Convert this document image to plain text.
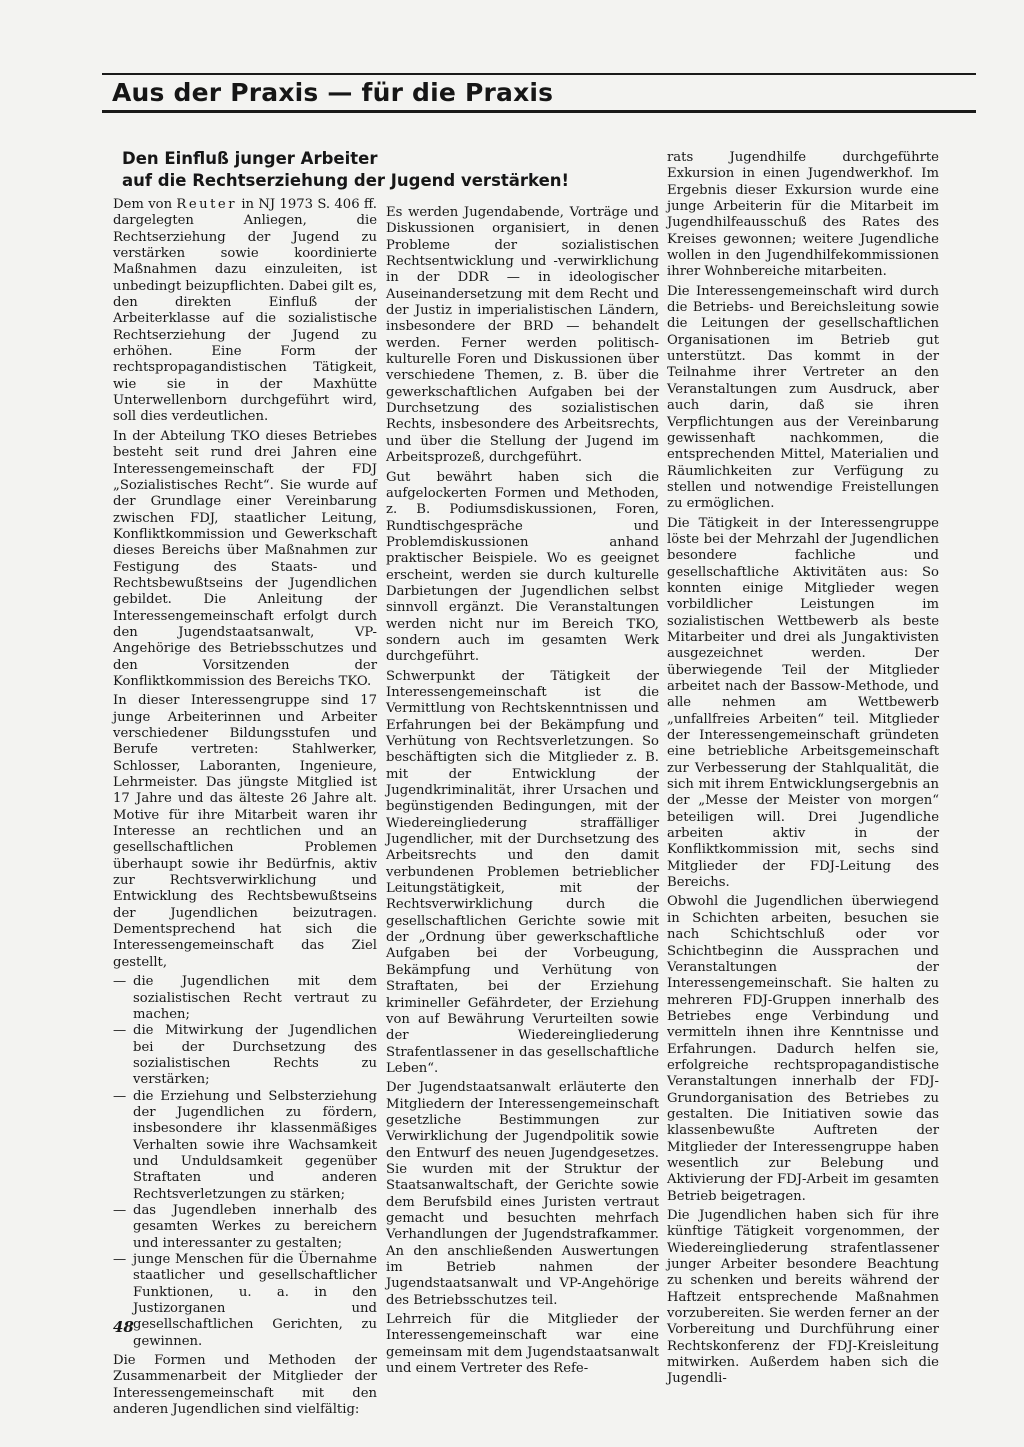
Aus der Praxis — für die Praxis
Den Einfluß junger Arbeiter
auf die Rechtserziehung der Jugend verstärken!

Dem von Reuter in NJ 1973 S. 406 ff. dargelegten Anliegen, die Rechtserziehung der Jugend zu verstärken sowie koordinierte Maßnahmen dazu einzuleiten, ist unbedingt beizupflichten. Dabei gilt es, den direkten Einfluß der Arbeiterklasse auf die sozialistische Rechtserziehung der Jugend zu erhöhen. Eine Form der rechtspropagandistischen Tätigkeit, wie sie in der Maxhütte Unterwellenborn durchgeführt wird, soll dies verdeutlichen.

In der Abteilung TKO dieses Betriebes besteht seit rund drei Jahren eine Interessengemeinschaft der FDJ „Sozialistisches Recht“. Sie wurde auf der Grundlage einer Vereinbarung zwischen FDJ, staatlicher Leitung, Konfliktkommission und Gewerkschaft dieses Bereichs über Maßnahmen zur Festigung des Staats- und Rechtsbewußtseins der Jugendlichen gebildet. Die Anleitung der Interessengemeinschaft erfolgt durch den Jugendstaatsanwalt, VP-Angehörige des Betriebsschutzes und den Vorsitzenden der Konfliktkommission des Bereichs TKO.

In dieser Interessengruppe sind 17 junge Arbeiterinnen und Arbeiter verschiedener Bildungsstufen und Berufe vertreten: Stahlwerker, Schlosser, Laboranten, Ingenieure, Lehrmeister. Das jüngste Mitglied ist 17 Jahre und das älteste 26 Jahre alt. Motive für ihre Mitarbeit waren ihr Interesse an rechtlichen und an gesellschaftlichen Problemen überhaupt sowie ihr Bedürfnis, aktiv zur Rechtsverwirklichung und Entwicklung des Rechtsbewußtseins der Jugendlichen beizutragen. Dementsprechend hat sich die Interessengemeinschaft das Ziel gestellt,

— die Jugendlichen mit dem sozialistischen Recht vertraut zu machen;
— die Mitwirkung der Jugendlichen bei der Durchsetzung des sozialistischen Rechts zu verstärken;
— die Erziehung und Selbsterziehung der Jugendlichen zu fördern, insbesondere ihr klassenmäßiges Verhalten sowie ihre Wachsamkeit und Unduldsamkeit gegenüber Straftaten und anderen Rechtsverletzungen zu stärken;
— das Jugendleben innerhalb des gesamten Werkes zu bereichern und interessanter zu gestalten;
— junge Menschen für die Übernahme staatlicher und gesellschaftlicher Funktionen, u. a. in den Justizorganen und gesellschaftlichen Gerichten, zu gewinnen.

Die Formen und Methoden der Zusammenarbeit der Mitglieder der Interessengemeinschaft mit den anderen Jugendlichen sind vielfältig:

Es werden Jugendabende, Vorträge und Diskussionen organisiert, in denen Probleme der sozialistischen Rechtsentwicklung und -verwirklichung in der DDR — in ideologischer Auseinandersetzung mit dem Recht und der Justiz in imperialistischen Ländern, insbesondere der BRD — behandelt werden. Ferner werden politisch-kulturelle Foren und Diskussionen über verschiedene Themen, z. B. über die gewerkschaftlichen Aufgaben bei der Durchsetzung des sozialistischen Rechts, insbesondere des Arbeitsrechts, und über die Stellung der Jugend im Arbeitsprozeß, durchgeführt.

Gut bewährt haben sich die aufgelockerten Formen und Methoden, z. B. Podiumsdiskussionen, Foren, Rundtischgespräche und Problemdiskussionen anhand praktischer Beispiele. Wo es geeignet erscheint, werden sie durch kulturelle Darbietungen der Jugendlichen selbst sinnvoll ergänzt. Die Veranstaltungen werden nicht nur im Bereich TKO, sondern auch im gesamten Werk durchgeführt.

Schwerpunkt der Tätigkeit der Interessengemeinschaft ist die Vermittlung von Rechtskenntnissen und Erfahrungen bei der Bekämpfung und Verhütung von Rechtsverletzungen. So beschäftigten sich die Mitglieder z. B. mit der Entwicklung der Jugendkriminalität, ihrer Ursachen und begünstigenden Bedingungen, mit der Wiedereingliederung straffälliger Jugendlicher, mit der Durchsetzung des Arbeitsrechts und den damit verbundenen Problemen betrieblicher Leitungstätigkeit, mit der Rechtsverwirklichung durch die gesellschaftlichen Gerichte sowie mit der „Ordnung über gewerkschaftliche Aufgaben bei der Vorbeugung, Bekämpfung und Verhütung von Straftaten, bei der Erziehung krimineller Gefährdeter, der Erziehung von auf Bewährung Verurteilten sowie der Wiedereingliederung Strafentlassener in das gesellschaftliche Leben“.

Der Jugendstaatsanwalt erläuterte den Mitgliedern der Interessengemeinschaft gesetzliche Bestimmungen zur Verwirklichung der Jugendpolitik sowie den Entwurf des neuen Jugendgesetzes. Sie wurden mit der Struktur der Staatsanwaltschaft, der Gerichte sowie dem Berufsbild eines Juristen vertraut gemacht und besuchten mehrfach Verhandlungen der Jugendstrafkammer. An den anschließenden Auswertungen im Betrieb nahmen der Jugendstaatsanwalt und VP-Angehörige des Betriebsschutzes teil.

Lehrreich für die Mitglieder der Interessengemeinschaft war eine gemeinsam mit dem Jugendstaatsanwalt und einem Vertreter des Refe-

rats Jugendhilfe durchgeführte Exkursion in einen Jugendwerkhof. Im Ergebnis dieser Exkursion wurde eine junge Arbeiterin für die Mitarbeit im Jugendhilfeausschuß des Rates des Kreises gewonnen; weitere Jugendliche wollen in den Jugendhilfekommissionen ihrer Wohnbereiche mitarbeiten.

Die Interessengemeinschaft wird durch die Betriebs- und Bereichsleitung sowie die Leitungen der gesellschaftlichen Organisationen im Betrieb gut unterstützt. Das kommt in der Teilnahme ihrer Vertreter an den Veranstaltungen zum Ausdruck, aber auch darin, daß sie ihren Verpflichtungen aus der Vereinbarung gewissenhaft nachkommen, die entsprechenden Mittel, Materialien und Räumlichkeiten zur Verfügung zu stellen und notwendige Freistellungen zu ermöglichen.

Die Tätigkeit in der Interessengruppe löste bei der Mehrzahl der Jugendlichen besondere fachliche und gesellschaftliche Aktivitäten aus: So konnten einige Mitglieder wegen vorbildlicher Leistungen im sozialistischen Wettbewerb als beste Mitarbeiter und drei als Jungaktivisten ausgezeichnet werden. Der überwiegende Teil der Mitglieder arbeitet nach der Bassow-Methode, und alle nehmen am Wettbewerb „unfallfreies Arbeiten“ teil. Mitglieder der Interessengemeinschaft gründeten eine betriebliche Arbeitsgemeinschaft zur Verbesserung der Stahlqualität, die sich mit ihrem Entwicklungsergebnis an der „Messe der Meister von morgen“ beteiligen will. Drei Jugendliche arbeiten aktiv in der Konfliktkommission mit, sechs sind Mitglieder der FDJ-Leitung des Bereichs.

Obwohl die Jugendlichen überwiegend in Schichten arbeiten, besuchen sie nach Schichtschluß oder vor Schichtbeginn die Aussprachen und Veranstaltungen der Interessengemeinschaft. Sie halten zu mehreren FDJ-Gruppen innerhalb des Betriebes enge Verbindung und vermitteln ihnen ihre Kenntnisse und Erfahrungen. Dadurch helfen sie, erfolgreiche rechtspropagandistische Veranstaltungen innerhalb der FDJ-Grundorganisation des Betriebes zu gestalten. Die Initiativen sowie das klassenbewußte Auftreten der Mitglieder der Interessengruppe haben wesentlich zur Belebung und Aktivierung der FDJ-Arbeit im gesamten Betrieb beigetragen.

Die Jugendlichen haben sich für ihre künftige Tätigkeit vorgenommen, der Wiedereingliederung strafentlassener junger Arbeiter besondere Beachtung zu schenken und bereits während der Haftzeit entsprechende Maßnahmen vorzubereiten. Sie werden ferner an der Vorbereitung und Durchführung einer Rechtskonferenz der FDJ-Kreisleitung mitwirken. Außerdem haben sich die Jugendli-

48
